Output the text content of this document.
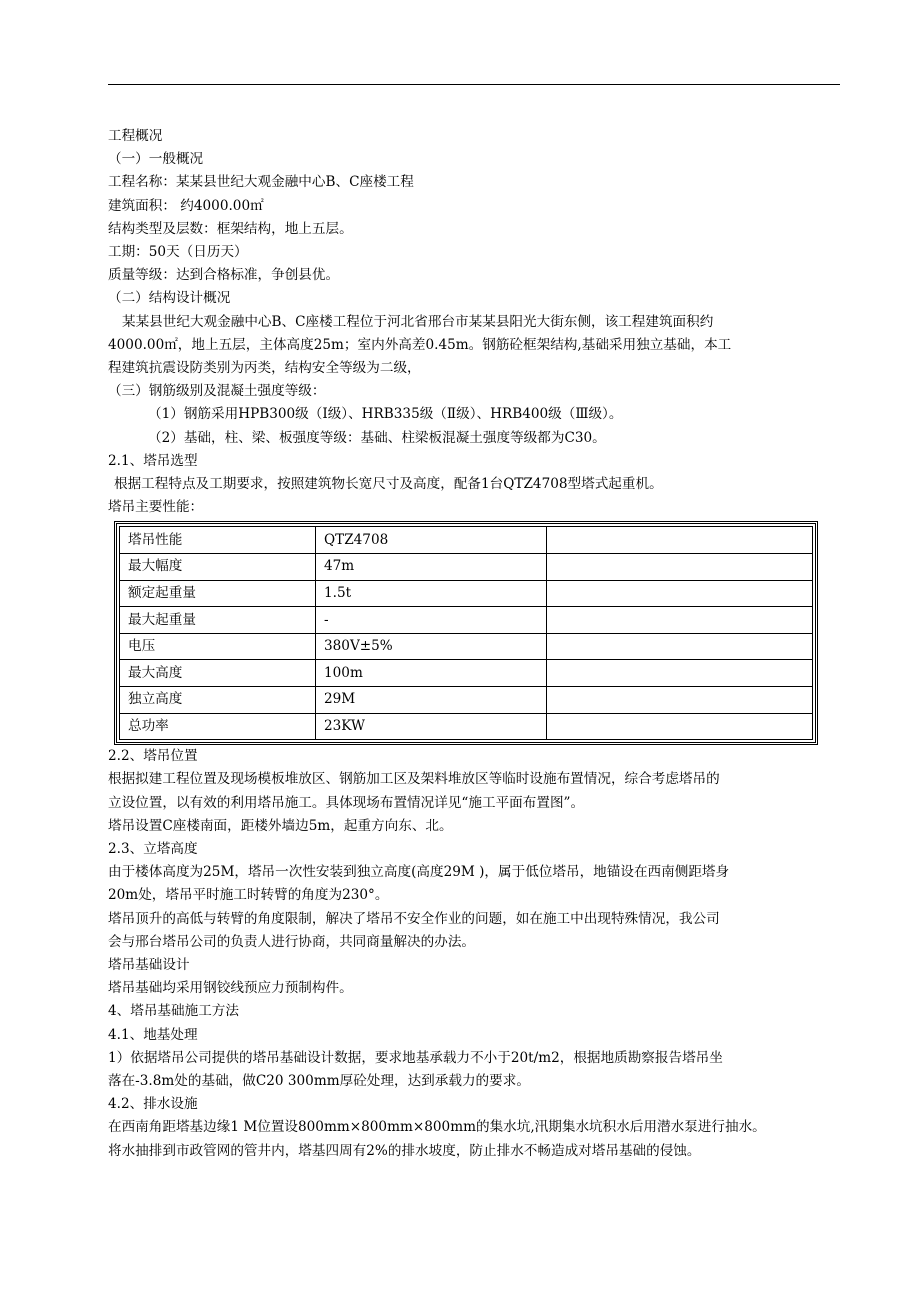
工程概况

（一）一般概况

工程名称：某某县世纪大观金融中心B、C座楼工程

建筑面积： 约4000.00㎡

结构类型及层数：框架结构，地上五层。

工期：50天（日历天）

质量等级：达到合格标准，争创县优。

（二）结构设计概况

某某县世纪大观金融中心B、C座楼工程位于河北省邢台市某某县阳光大街东侧，该工程建筑面积约

4000.00㎡，地上五层，主体高度25m；室内外高差0.45m。钢筋砼框架结构,基础采用独立基础，本工

程建筑抗震设防类别为丙类，结构安全等级为二级，

（三）钢筋级别及混凝土强度等级：

（1）钢筋采用HPB300级（Ⅰ级）、HRB335级（Ⅱ级）、HRB400级（Ⅲ级）。

（2）基础，柱、梁、板强度等级：基础、柱梁板混凝土强度等级都为C30。

2.1、塔吊选型

根据工程特点及工期要求，按照建筑物长宽尺寸及高度，配备1台QTZ4708型塔式起重机。

塔吊主要性能：

塔吊性能	QTZ4708	
最大幅度	47m	
额定起重量	1.5t	
最大起重量	-	
电压	380V±5%	
最大高度	100m	
独立高度	29M	
总功率	23KW	

2.2、塔吊位置

根据拟建工程位置及现场模板堆放区、钢筋加工区及架料堆放区等临时设施布置情况，综合考虑塔吊的

立设位置，以有效的利用塔吊施工。具体现场布置情况详见“施工平面布置图”。

塔吊设置C座楼南面，距楼外墙边5m，起重方向东、北。

2.3、立塔高度

由于楼体高度为25M，塔吊一次性安装到独立高度(高度29M )，属于低位塔吊，地锚设在西南侧距塔身

20m处，塔吊平时施工时转臂的角度为230°。

塔吊顶升的高低与转臂的角度限制，解决了塔吊不安全作业的问题，如在施工中出现特殊情况，我公司

会与邢台塔吊公司的负责人进行协商，共同商量解决的办法。

塔吊基础设计

塔吊基础均采用钢铰线预应力预制构件。

4、塔吊基础施工方法

4.1、地基处理

1）依据塔吊公司提供的塔吊基础设计数据，要求地基承载力不小于20t/m2，根据地质勘察报告塔吊坐

落在-3.8m处的基础，做C20 300mm厚砼处理，达到承载力的要求。

4.2、排水设施

在西南角距塔基边缘1 M位置设800mm×800mm×800mm的集水坑,汛期集水坑积水后用潜水泵进行抽水。

将水抽排到市政管网的管井内，塔基四周有2%的排水坡度，防止排水不畅造成对塔吊基础的侵蚀。
